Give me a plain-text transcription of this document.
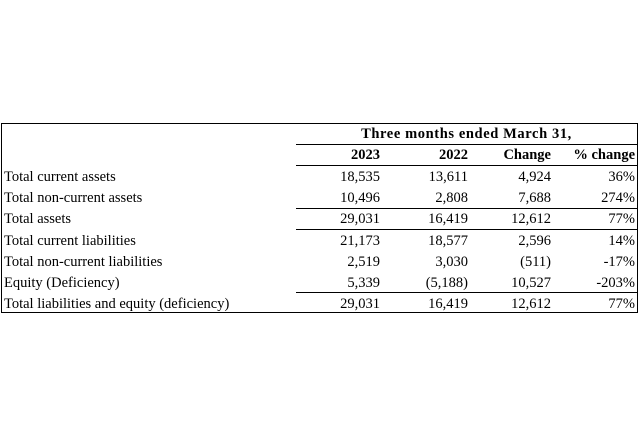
Three months ended March 31,
2023	2022	Change	% change
Total current assets	18,535	13,611	4,924	36%
Total non-current assets	10,496	2,808	7,688	274%
Total assets	29,031	16,419	12,612	77%
Total current liabilities	21,173	18,577	2,596	14%
Total non-current liabilities	2,519	3,030	(511)	-17%
Equity (Deficiency)	5,339	(5,188)	10,527	-203%
Total liabilities and equity (deficiency)	29,031	16,419	12,612	77%
